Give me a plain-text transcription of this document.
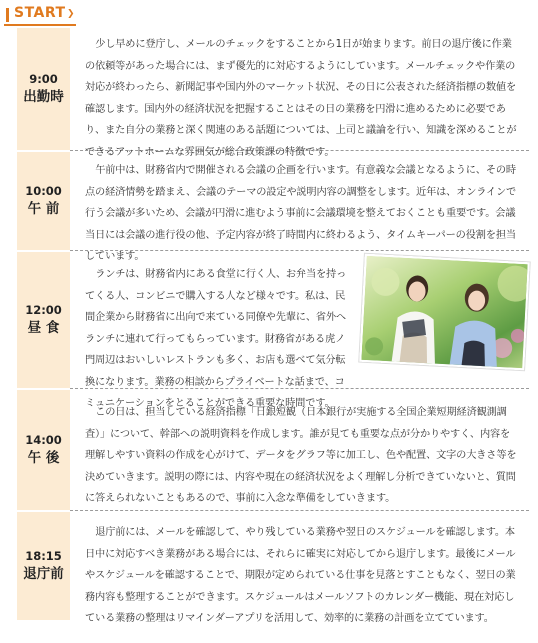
START ❯
9:00
出勤時
少し早めに登庁し、メールのチェックをすることから1日が始まります。前日の退庁後に作業の依頼等があった場合には、まず優先的に対応するようにしています。メールチェックや作業の対応が終わったら、新聞記事や国内外のマーケット状況、その日に公表された経済指標の数値を確認します。国内外の経済状況を把握することはその日の業務を円滑に進めるために必要であり、また自分の業務と深く関連のある話題については、上司と議論を行い、知識を深めることができるアットホームな雰囲気が総合政策課の特徴です。
10:00
午 前
午前中は、財務省内で開催される会議の企画を行います。有意義な会議となるように、その時点の経済情勢を踏まえ、会議のテーマの設定や説明内容の調整をします。近年は、オンラインで行う会議が多いため、会議が円滑に進むよう事前に会議環境を整えておくことも重要です。会議当日には会議の進行役の他、予定内容が終了時間内に終わるよう、タイムキーパーの役割を担当しています。
12:00
昼 食
ランチは、財務省内にある食堂に行く人、お弁当を持ってくる人、コンビニで購入する人など様々です。私は、民間企業から財務省に出向で来ている同僚や先輩に、省外へランチに連れて行ってもらっています。財務省がある虎ノ門周辺はおいしいレストランも多く、お店も選べて気分転換になります。業務の相談からプライベートな話まで、コミュニケーションをとることができる重要な時間です。
14:00
午 後
この日は、担当している経済指標「日銀短観（日本銀行が実施する全国企業短期経済観測調査）」について、幹部への説明資料を作成します。誰が見ても重要な点が分かりやすく、内容を理解しやすい資料の作成を心がけて、データをグラフ等に加工し、色や配置、文字の大きさ等を決めていきます。説明の際には、内容や現在の経済状況をよく理解し分析できていないと、質問に答えられないこともあるので、事前に入念な準備をしていきます。
18:15
退庁前
退庁前には、メールを確認して、やり残している業務や翌日のスケジュールを確認します。本日中に対応すべき業務がある場合には、それらに確実に対応してから退庁します。最後にメールやスケジュールを確認することで、期限が定められている仕事を見落とすこともなく、翌日の業務内容も整理することができます。スケジュールはメールソフトのカレンダー機能、現在対応している業務の整理はリマインダーアプリを活用して、効率的に業務の計画を立てています。
